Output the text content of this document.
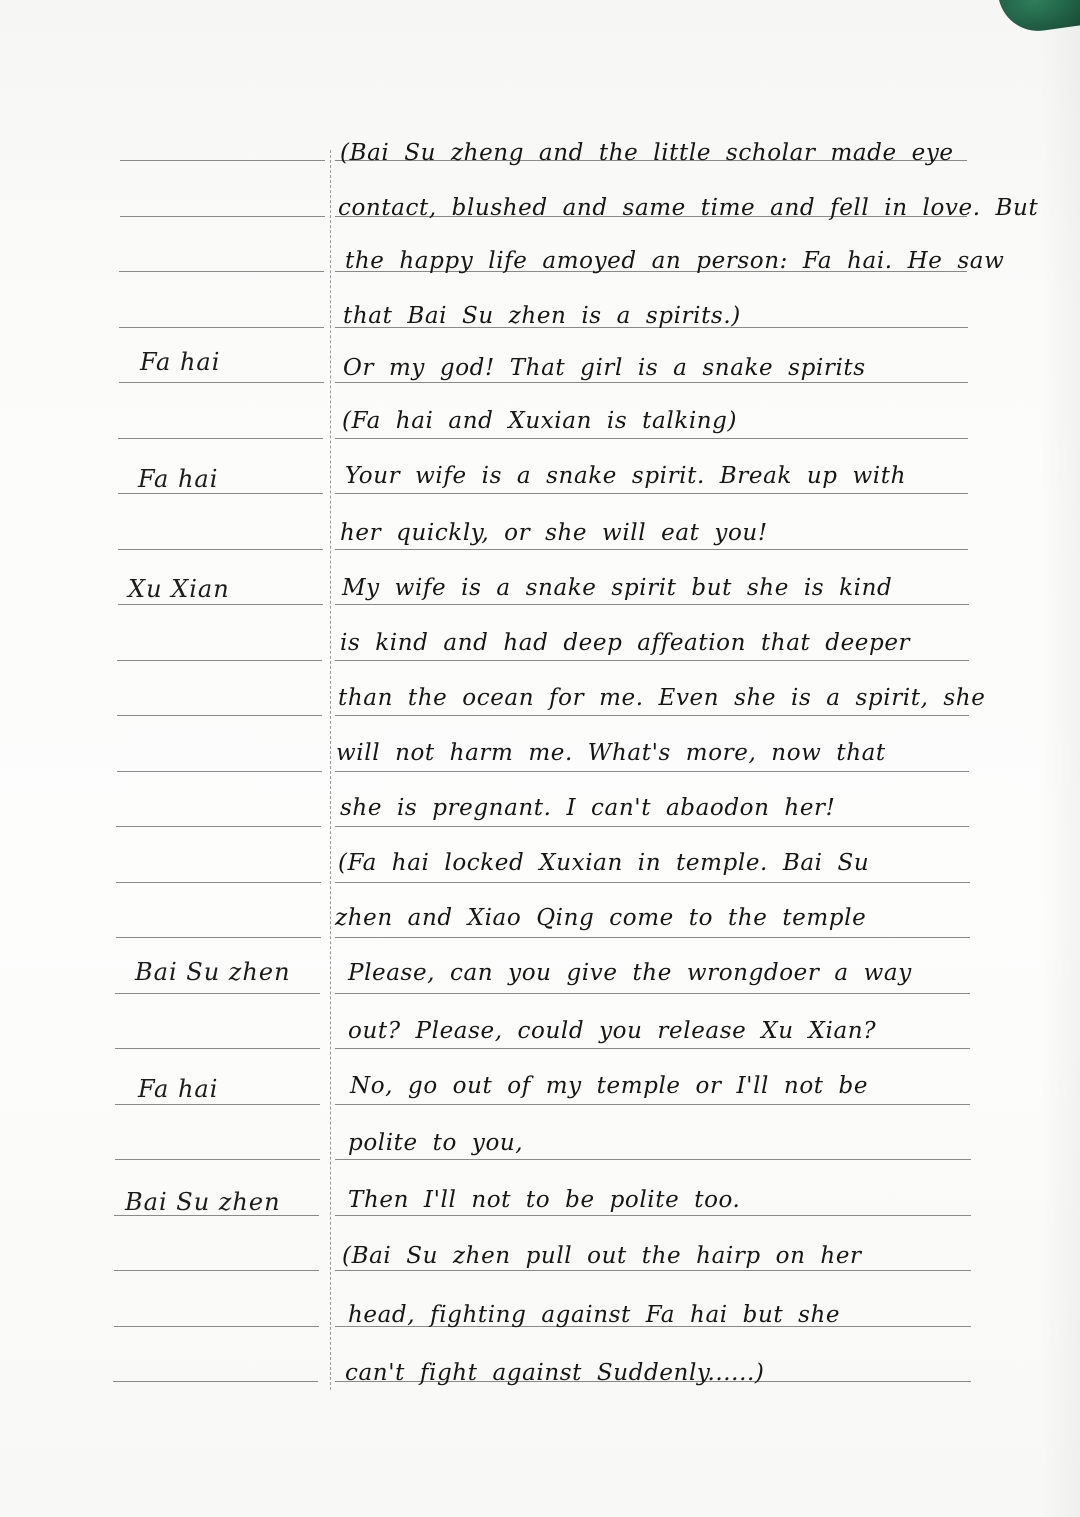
Fa hai
Fa hai
Xu Xian
Bai Su zhen
Fa hai
Bai Su zhen
(Bai Su zheng and the little scholar made eye
contact, blushed and same time and fell in love. But
the happy life amoyed an person: Fa hai. He saw
that Bai Su zhen is a spirits.)
Or my god! That girl is a snake spirits
(Fa hai and Xuxian is talking)
Your wife is a snake spirit. Break up with
her quickly, or she will eat you!
My wife is a snake spirit but she is kind
is kind and had deep affeation that deeper
than the ocean for me. Even she is a spirit, she
will not harm me. What's more, now that
she is pregnant. I can't abaodon her!
(Fa hai locked Xuxian in temple. Bai Su
zhen and Xiao Qing come to the temple
Please, can you give the wrongdoer a way
out? Please, could you release Xu Xian?
No, go out of my temple or I'll not be
polite to you,
Then I'll not to be polite too.
(Bai Su zhen pull out the hairp on her
head, fighting against Fa hai but she
can't fight against Suddenly......)
